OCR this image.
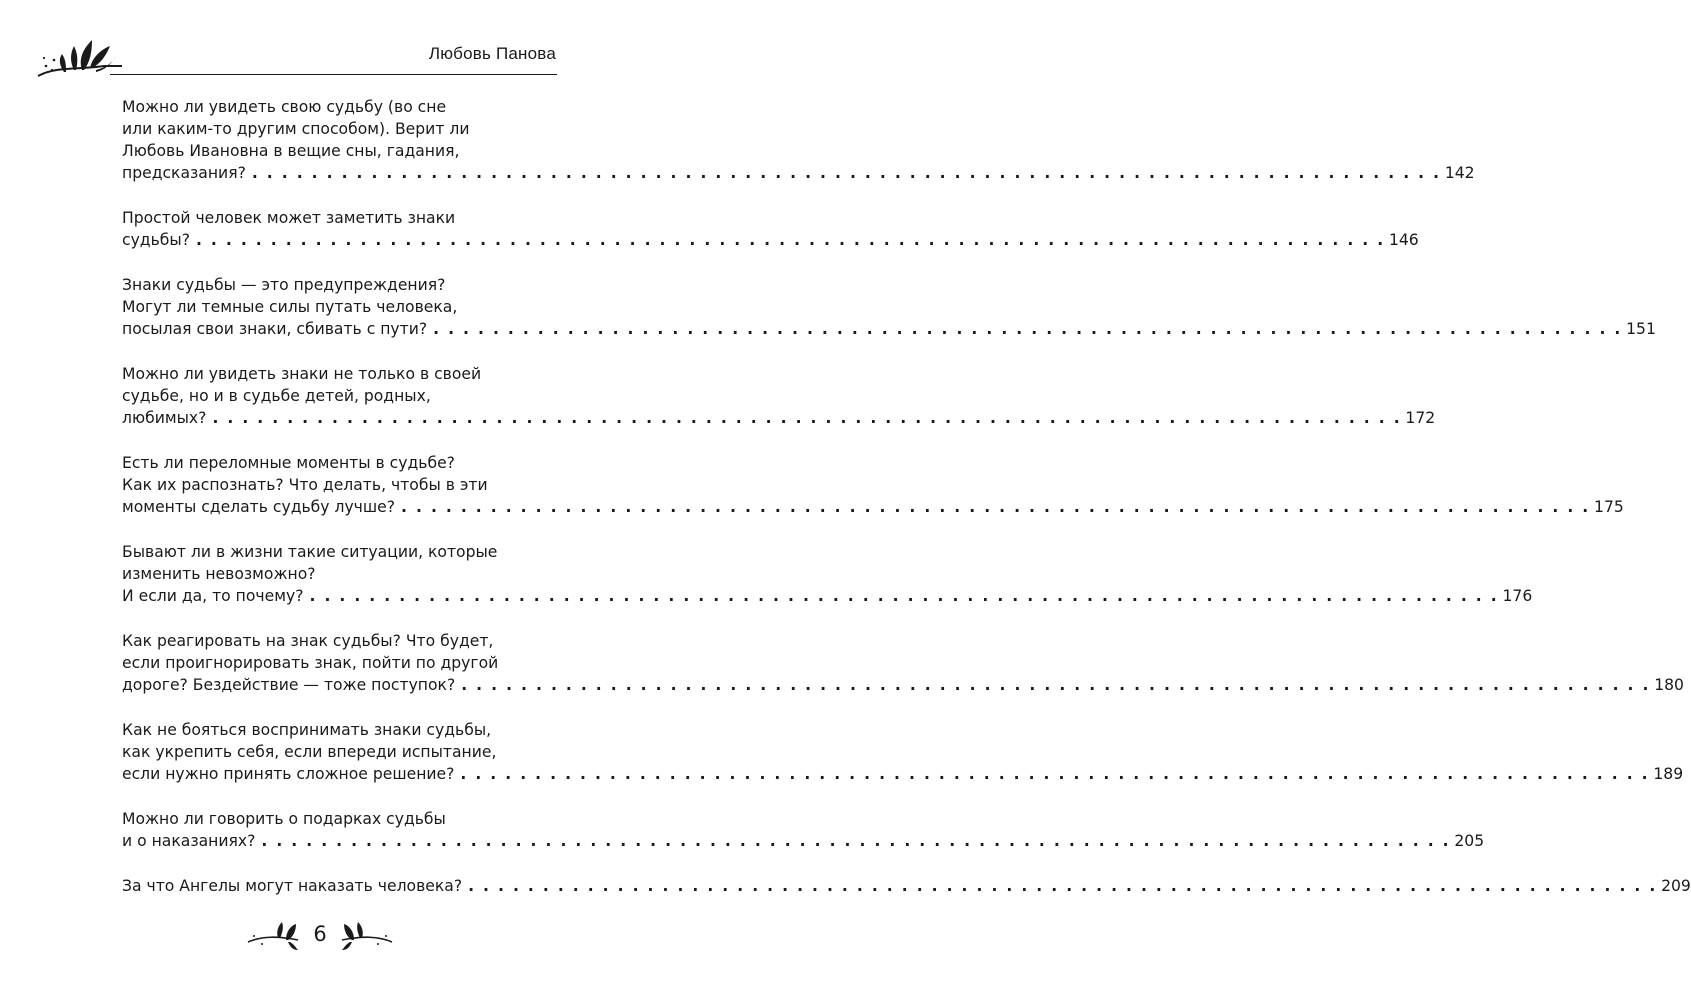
Любовь Панова
Можно ли увидеть свою судьбу (во сне
или каким-то другим способом). Верит ли
Любовь Ивановна в вещие сны, гадания,
предсказания? . . . . . . . . . . . . . . . . . . . . . . . . . . . . . . . . . . . . . . . . . . . . . . . . . . . . . . . . . . . . . . . . . . . . . . . . . . . . . . . . 142
Простой человек может заметить знаки
судьбы? . . . . . . . . . . . . . . . . . . . . . . . . . . . . . . . . . . . . . . . . . . . . . . . . . . . . . . . . . . . . . . . . . . . . . . . . . . . . . . . . 146
Знаки судьбы — это предупреждения?
Могут ли темные силы путать человека,
посылая свои знаки, сбивать с пути? . . . . . . . . . . . . . . . . . . . . . . . . . . . . . . . . . . . . . . . . . . . . . . . . . . . . . . . . . . . . . . . . . . . . . . . . . . . . . . . . 151
Можно ли увидеть знаки не только в своей
судьбе, но и в судьбе детей, родных,
любимых? . . . . . . . . . . . . . . . . . . . . . . . . . . . . . . . . . . . . . . . . . . . . . . . . . . . . . . . . . . . . . . . . . . . . . . . . . . . . . . . . 172
Есть ли переломные моменты в судьбе?
Как их распознать? Что делать, чтобы в эти
моменты сделать судьбу лучше? . . . . . . . . . . . . . . . . . . . . . . . . . . . . . . . . . . . . . . . . . . . . . . . . . . . . . . . . . . . . . . . . . . . . . . . . . . . . . . . . 175
Бывают ли в жизни такие ситуации, которые
изменить невозможно?
И если да, то почему? . . . . . . . . . . . . . . . . . . . . . . . . . . . . . . . . . . . . . . . . . . . . . . . . . . . . . . . . . . . . . . . . . . . . . . . . . . . . . . . . 176
Как реагировать на знак судьбы? Что будет,
если проигнорировать знак, пойти по другой
дороге? Бездействие — тоже поступок? . . . . . . . . . . . . . . . . . . . . . . . . . . . . . . . . . . . . . . . . . . . . . . . . . . . . . . . . . . . . . . . . . . . . . . . . . . . . . . . . 180
Как не бояться воспринимать знаки судьбы,
как укрепить себя, если впереди испытание,
если нужно принять сложное решение? . . . . . . . . . . . . . . . . . . . . . . . . . . . . . . . . . . . . . . . . . . . . . . . . . . . . . . . . . . . . . . . . . . . . . . . . . . . . . . . . 189
Можно ли говорить о подарках судьбы
и о наказаниях? . . . . . . . . . . . . . . . . . . . . . . . . . . . . . . . . . . . . . . . . . . . . . . . . . . . . . . . . . . . . . . . . . . . . . . . . . . . . . . . . 205
За что Ангелы могут наказать человека? . . . . . . . . . . . . . . . . . . . . . . . . . . . . . . . . . . . . . . . . . . . . . . . . . . . . . . . . . . . . . . . . . . . . . . . . . . . . . . . . 209
6
